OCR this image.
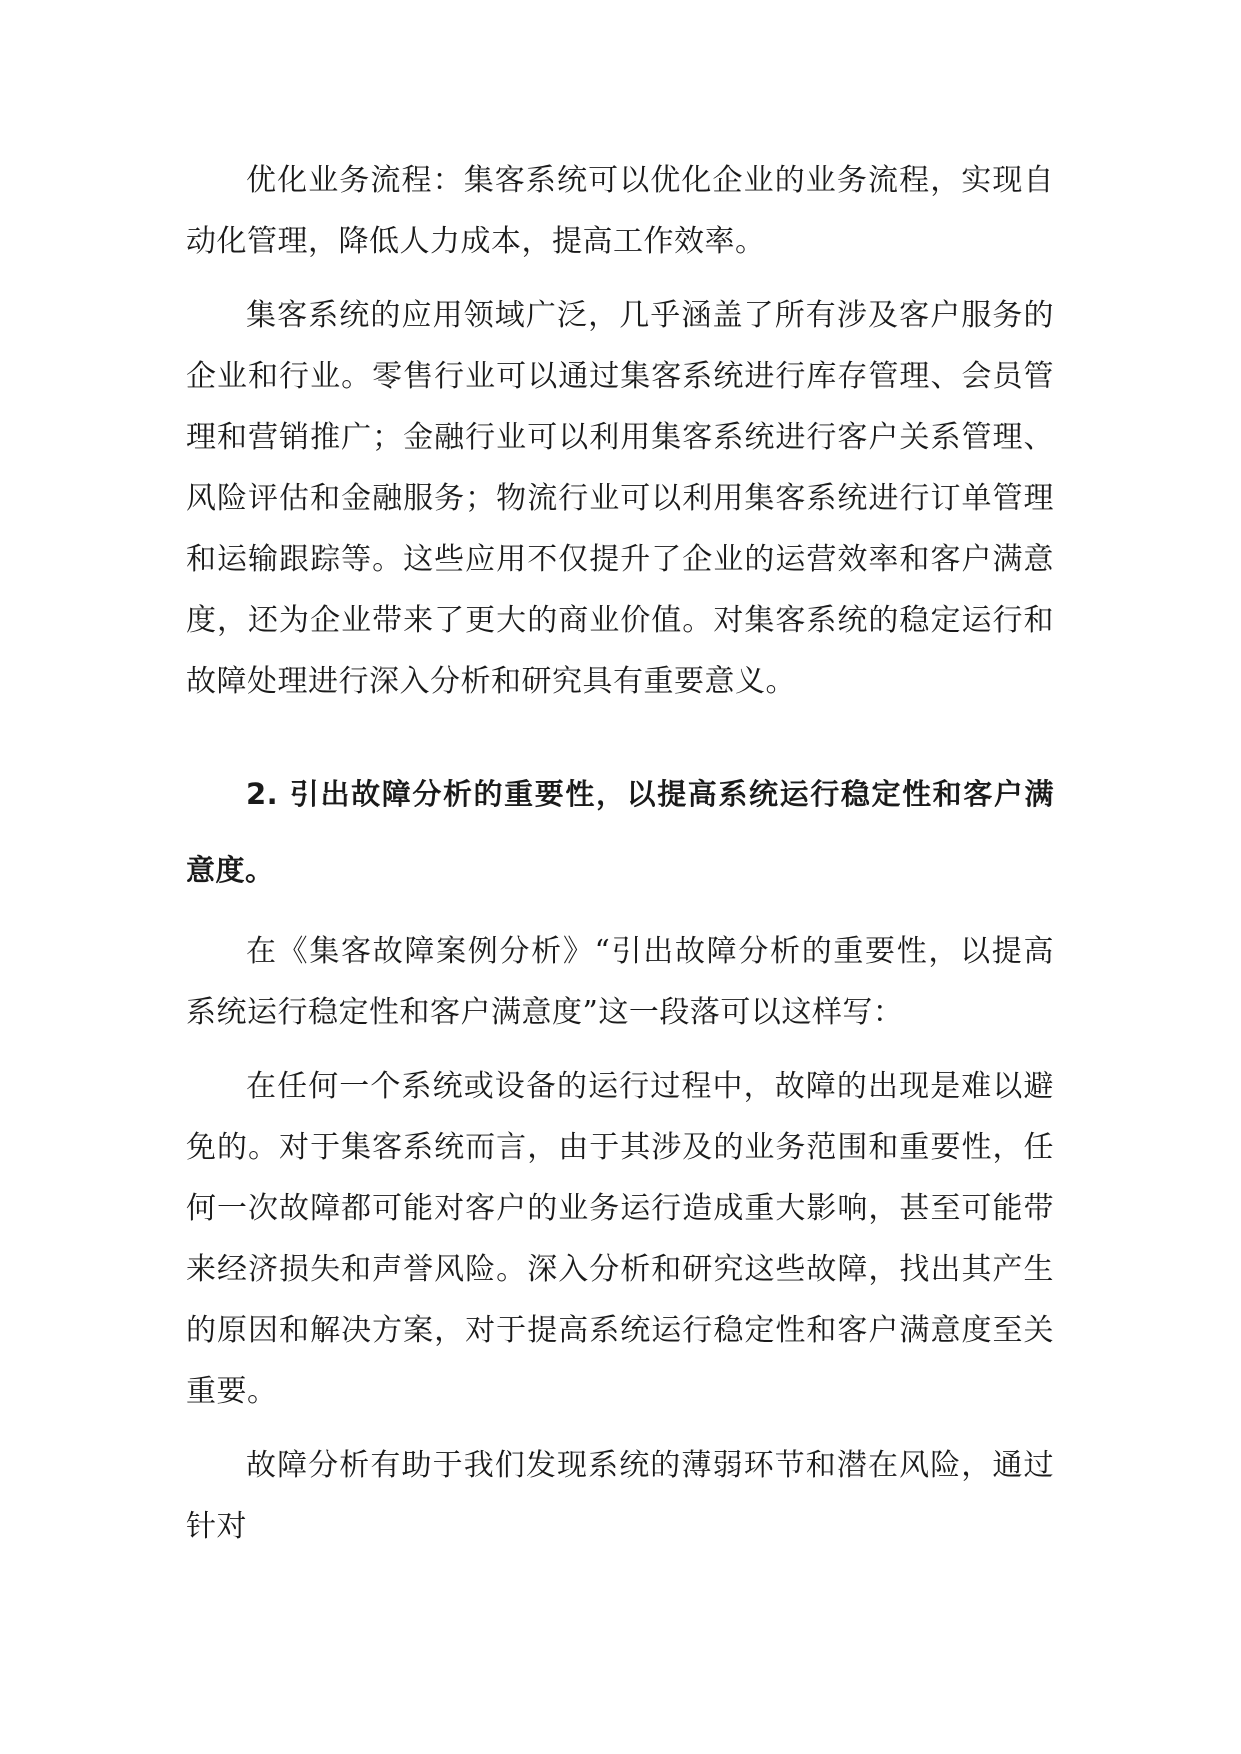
优化业务流程：集客系统可以优化企业的业务流程，实现自动化管理，降低人力成本，提高工作效率。

集客系统的应用领域广泛，几乎涵盖了所有涉及客户服务的企业和行业。零售行业可以通过集客系统进行库存管理、会员管理和营销推广；金融行业可以利用集客系统进行客户关系管理、风险评估和金融服务；物流行业可以利用集客系统进行订单管理和运输跟踪等。这些应用不仅提升了企业的运营效率和客户满意度，还为企业带来了更大的商业价值。对集客系统的稳定运行和故障处理进行深入分析和研究具有重要意义。

2. 引出故障分析的重要性，以提高系统运行稳定性和客户满意度。

在《集客故障案例分析》“引出故障分析的重要性，以提高系统运行稳定性和客户满意度”这一段落可以这样写：

在任何一个系统或设备的运行过程中，故障的出现是难以避免的。对于集客系统而言，由于其涉及的业务范围和重要性，任何一次故障都可能对客户的业务运行造成重大影响，甚至可能带来经济损失和声誉风险。深入分析和研究这些故障，找出其产生的原因和解决方案，对于提高系统运行稳定性和客户满意度至关重要。

故障分析有助于我们发现系统的薄弱环节和潜在风险，通过针对
